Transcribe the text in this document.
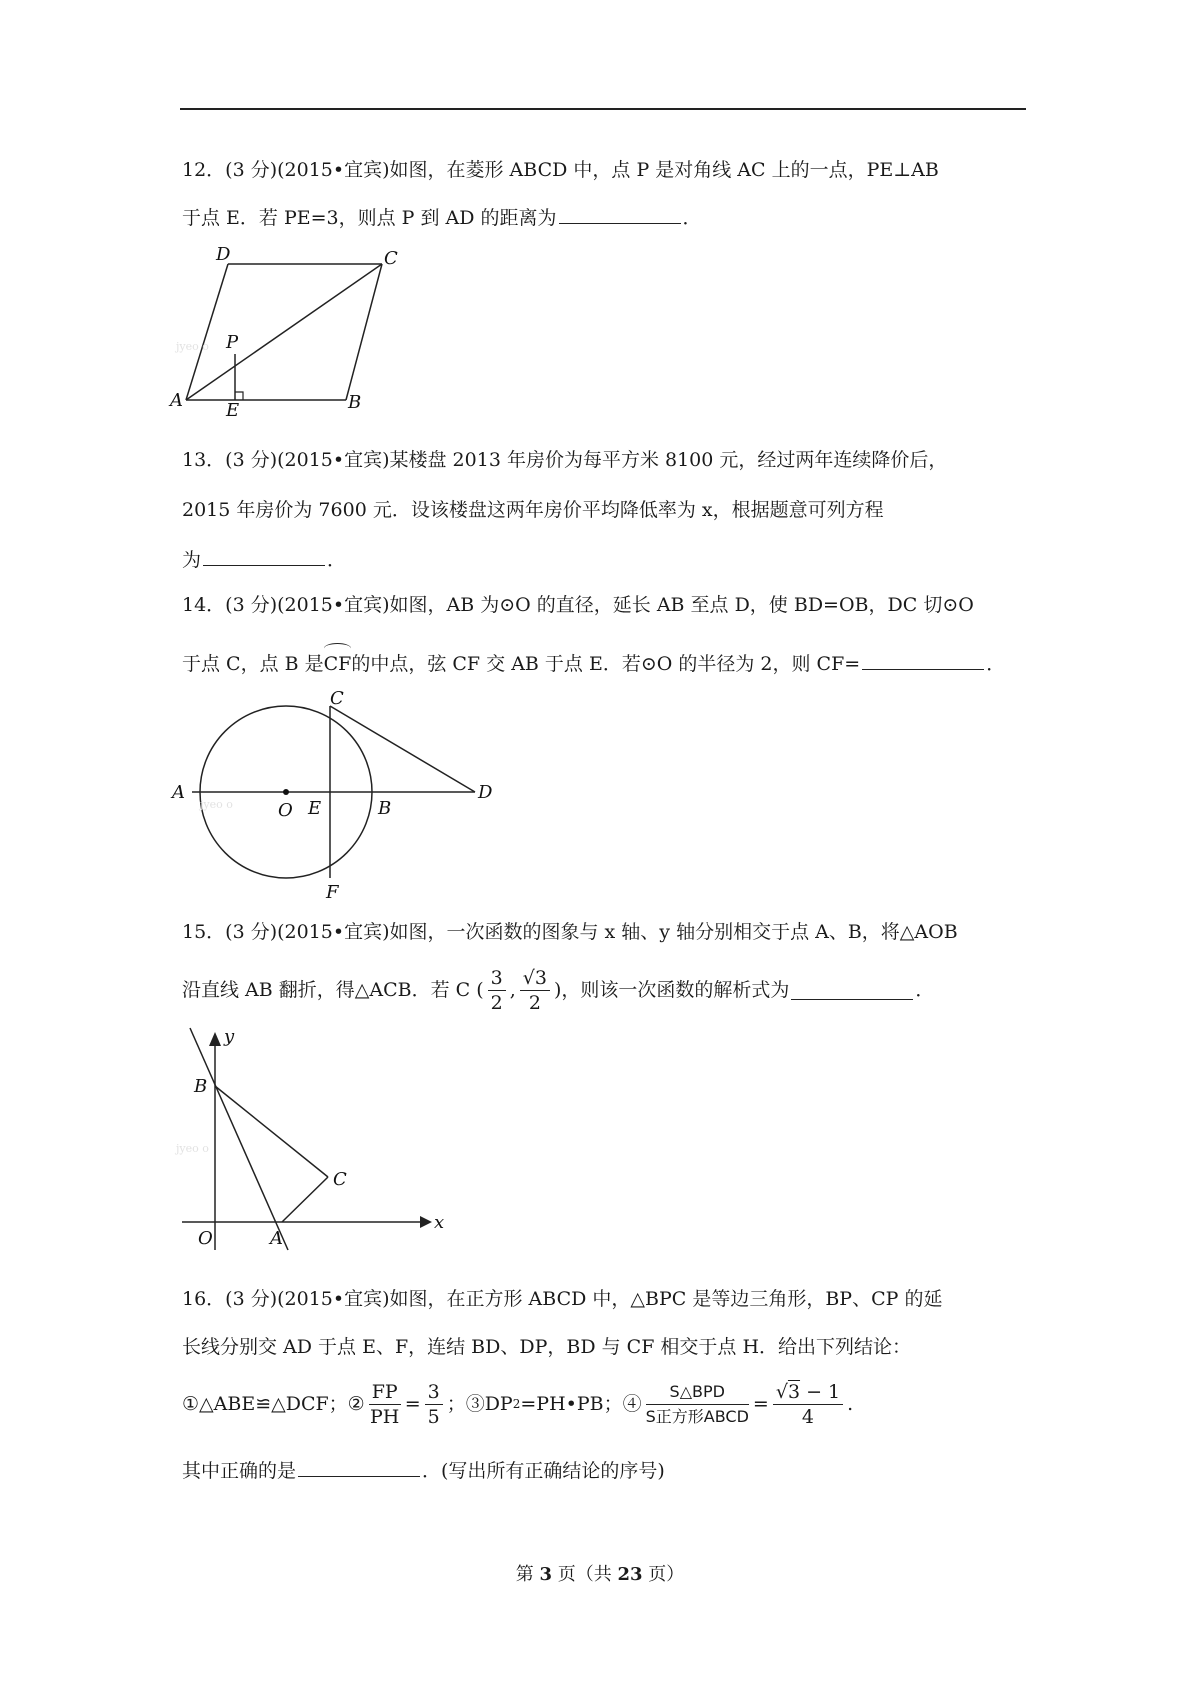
12．(3 分)(2015•宜宾)如图，在菱形 ABCD 中，点 P 是对角线 AC 上的一点，PE⊥AB
于点 E．若 PE=3，则点 P 到 AD 的距离为	．
jyeo o
D	C
P
A E	B
13．(3 分)(2015•宜宾)某楼盘 2013 年房价为每平方米 8100 元，经过两年连续降价后，
2015 年房价为 7600 元．设该楼盘这两年房价平均降低率为 x，根据题意可列方程
为	．
14．(3 分)(2015•宜宾)如图，AB 为⊙O 的直径，延长 AB 至点 D，使 BD=OB，DC 切⊙O
于点 C，点 B 是CF的中点，弦 CF 交 AB 于点 E．若⊙O 的半径为 2，则 CF=	．
jyeo o
C
A
O E	B
D
F
15．(3 分)(2015•宜宾)如图，一次函数的图象与 x 轴、y 轴分别相交于点 A、B，将△AOB
沿直线 AB 翻折，得△ACB．若 C ( $\frac{3}{2}$ , $\frac{√3}{2}$ )，则该一次函数的解析式为	．
jyeo o
y
B
C
O	A
x
16．(3 分)(2015•宜宾)如图，在正方形 ABCD 中，△BPC 是等边三角形，BP、CP 的延
长线分别交 AD 于点 E、F，连结 BD、DP，BD 与 CF 相交于点 H．给出下列结论：
①△ABE≌△DCF；② $\frac{FP}{PH} = \frac{3}{5}$ ；③DP 2 =PH•PB；④ $\frac{\text{S△BPD}}{\text{S正方形ABCD}} = \frac{√3 - 1}{4}$ .
其中正确的是	．(写出所有正确结论的序号)
第 3 页（共 23 页）
